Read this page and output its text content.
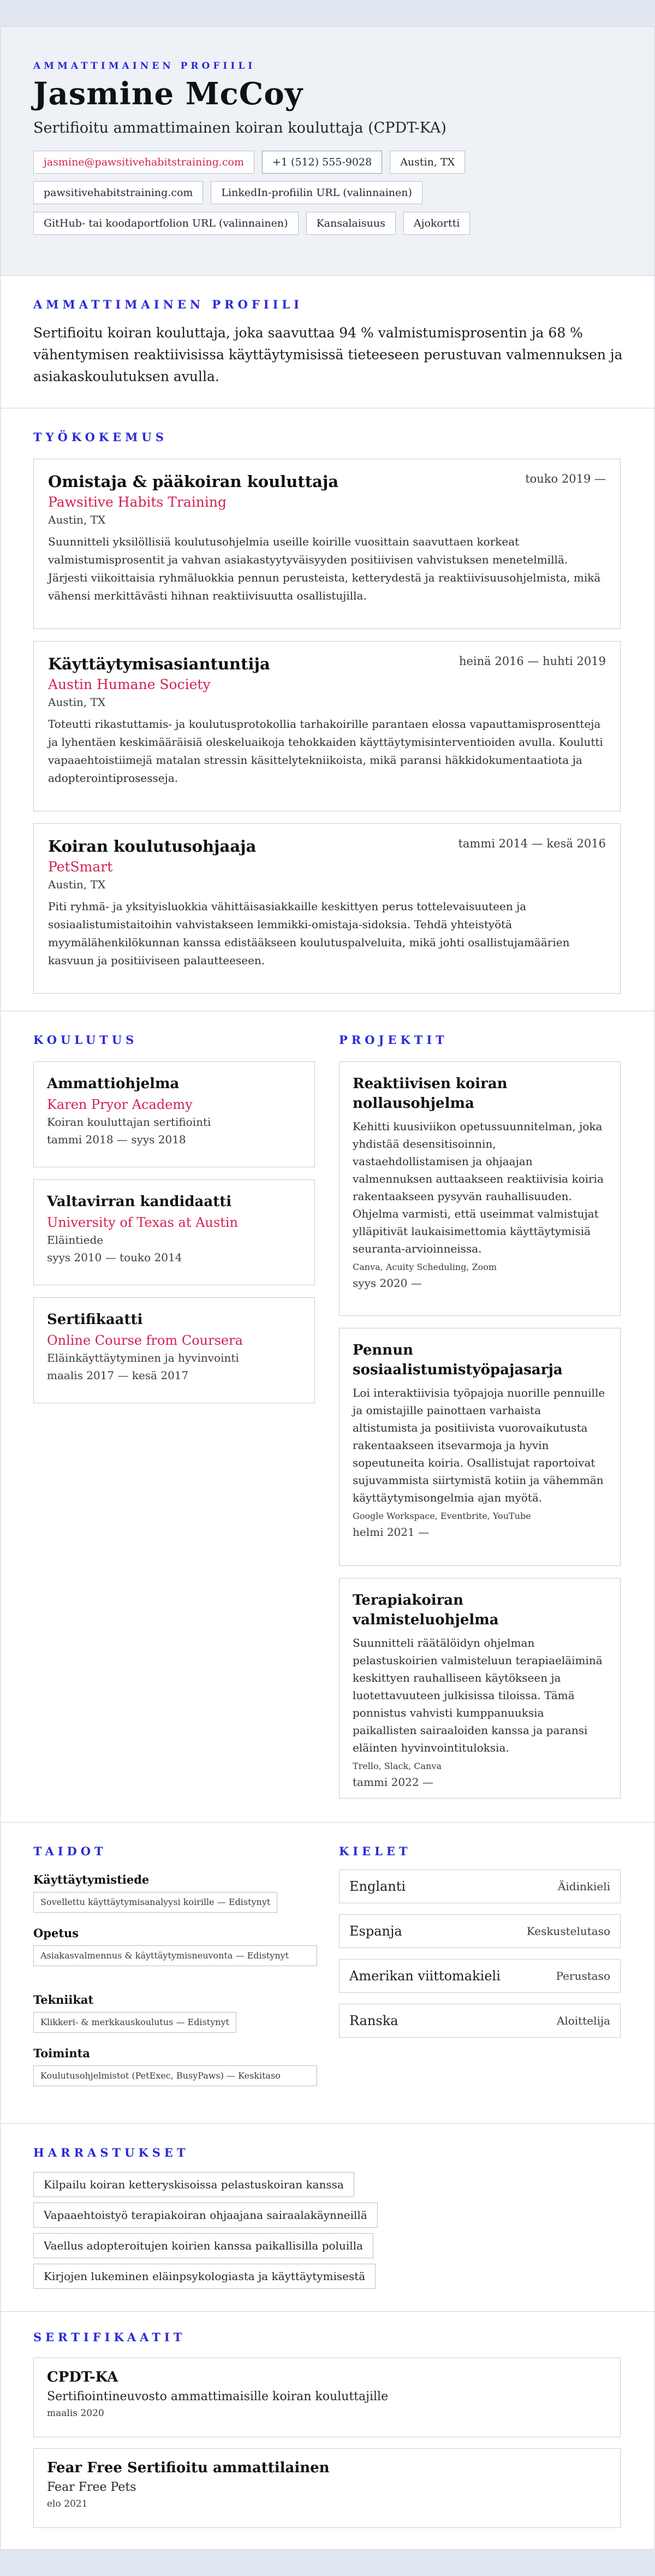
AMMATTIMAINEN PROFIILI
Jasmine McCoy
Sertifioitu ammattimainen koiran kouluttaja (CPDT-KA)
jasmine@pawsitivehabitstraining.com	+1 (512) 555-9028	Austin, TX
pawsitivehabitstraining.com	LinkedIn-profiilin URL (valinnainen)
GitHub- tai koodaportfolion URL (valinnainen)	Kansalaisuus	Ajokortti
AMMATTIMAINEN PROFIILI
Sertifioitu koiran kouluttaja, joka saavuttaa 94 % valmistumisprosentin ja 68 % vähentymisen reaktiivisissa käyttäytymisissä tieteeseen perustuvan valmennuksen ja asiakaskoulutuksen avulla.
TYÖKOKEMUS
Omistaja & pääkoiran kouluttaja	touko 2019 —
Pawsitive Habits Training
Austin, TX
Suunnitteli yksilöllisiä koulutusohjelmia useille koirille vuosittain saavuttaen korkeat valmistumisprosentit ja vahvan asiakastyytyväisyyden positiivisen vahvistuksen menetelmillä. Järjesti viikoittaisia ryhmäluokkia pennun perusteista, ketterydestä ja reaktiivisuusohjelmista, mikä vähensi merkittävästi hihnan reaktiivisuutta osallistujilla.
Käyttäytymisasiantuntija	heinä 2016 — huhti 2019
Austin Humane Society
Austin, TX
Toteutti rikastuttamis- ja koulutusprotokollia tarhakoirille parantaen elossa vapauttamisprosentteja ja lyhentäen keskimääräisiä oleskeluaikoja tehokkaiden käyttäytymisinterventioiden avulla. Koulutti vapaaehtoistiimejä matalan stressin käsittelytekniikoista, mikä paransi häkkidokumentaatiota ja adopterointiprosesseja.
Koiran koulutusohjaaja	tammi 2014 — kesä 2016
PetSmart
Austin, TX
Piti ryhmä- ja yksityisluokkia vähittäisasiakkaille keskittyen perus tottelevaisuuteen ja sosiaalistumistaitoihin vahvistakseen lemmikki-omistaja-sidoksia. Tehdä yhteistyötä myymälähenkilökunnan kanssa edistääkseen koulutuspalveluita, mikä johti osallistujamäärien kasvuun ja positiiviseen palautteeseen.
KOULUTUS	PROJEKTIT
Ammattiohjelma
Karen Pryor Academy
Koiran kouluttajan sertifiointi
tammi 2018 — syys 2018
Valtavirran kandidaatti
University of Texas at Austin
Eläintiede
syys 2010 — touko 2014
Sertifikaatti
Online Course from Coursera
Eläinkäyttäytyminen ja hyvinvointi
maalis 2017 — kesä 2017
Reaktiivisen koiran nollausohjelma
Kehitti kuusiviikon opetussuunnitelman, joka yhdistää desensitisoinnin, vastaehdollistamisen ja ohjaajan valmennuksen auttaakseen reaktiivisia koiria rakentaakseen pysyvän rauhallisuuden. Ohjelma varmisti, että useimmat valmistujat ylläpitivät laukaisimettomia käyttäytymisiä seuranta-arvioinneissa.
Canva, Acuity Scheduling, Zoom
syys 2020 —
Pennun sosiaalistumistyöpajasarja
Loi interaktiivisia työpajoja nuorille pennuille ja omistajille painottaen varhaista altistumista ja positiivista vuorovaikutusta rakentaakseen itsevarmoja ja hyvin sopeutuneita koiria. Osallistujat raportoivat sujuvammista siirtymistä kotiin ja vähemmän käyttäytymisongelmia ajan myötä.
Google Workspace, Eventbrite, YouTube
helmi 2021 —
Terapiakoiran valmisteluohjelma
Suunnitteli räätälöidyn ohjelman pelastuskoirien valmisteluun terapiaeläiminä keskittyen rauhalliseen käytökseen ja luotettavuuteen julkisissa tiloissa. Tämä ponnistus vahvisti kumppanuuksia paikallisten sairaaloiden kanssa ja paransi eläinten hyvinvointituloksia.
Trello, Slack, Canva
tammi 2022 —
TAIDOT	KIELET
Käyttäytymistiede
Sovellettu käyttäytymisanalyysi koirille — Edistynyt
Opetus
Asiakasvalmennus & käyttäytymisneuvonta — Edistynyt
Tekniikat
Klikkeri- & merkkauskoulutus — Edistynyt
Toiminta
Koulutusohjelmistot (PetExec, BusyPaws) — Keskitaso
Englanti	Äidinkieli
Espanja	Keskustelutaso
Amerikan viittomakieli	Perustaso
Ranska	Aloittelija
HARRASTUKSET
Kilpailu koiran ketteryskisoissa pelastuskoiran kanssa
Vapaaehtoistyö terapiakoiran ohjaajana sairaalakäynneillä
Vaellus adopteroitujen koirien kanssa paikallisilla poluilla
Kirjojen lukeminen eläinpsykologiasta ja käyttäytymisestä
SERTIFIKAATIT
CPDT-KA
Sertifiointineuvosto ammattimaisille koiran kouluttajille
maalis 2020
Fear Free Sertifioitu ammattilainen
Fear Free Pets
elo 2021
